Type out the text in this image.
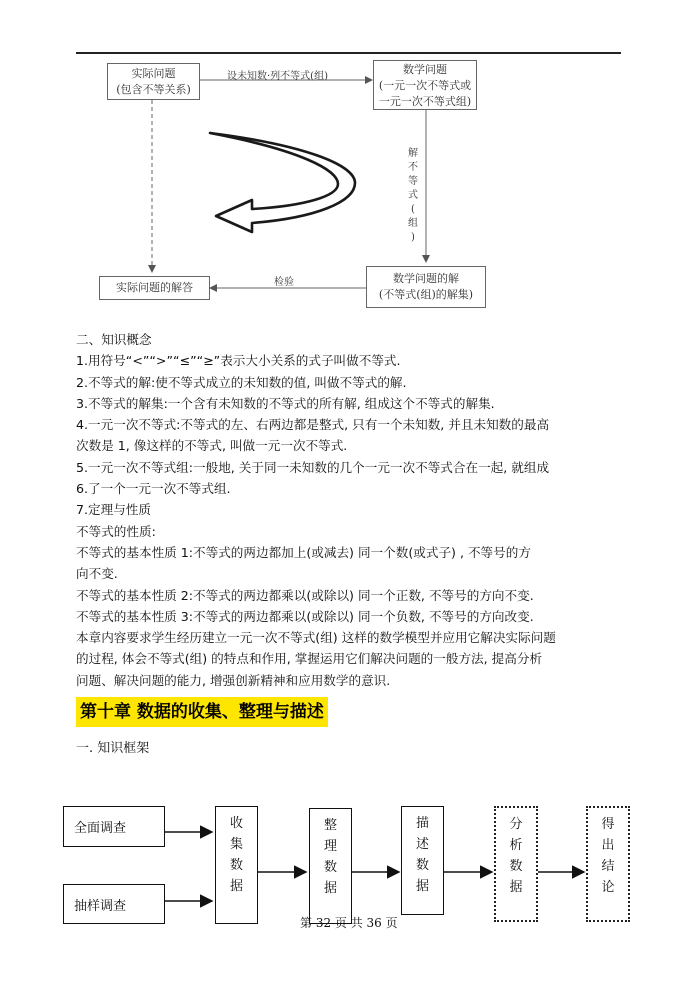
实际问题
(包含不等关系)
数学问题
(一元一次不等式或
一元一次不等式组)
数学问题的解
(不等式(组)的解集)
实际问题的解答
设未知数·列不等式(组)
检验
解 不 等 式 ( 组 )

二、知识概念

1.用符号“<”“>”“≤”“≥”表示大小关系的式子叫做不等式.

2.不等式的解:使不等式成立的未知数的值, 叫做不等式的解.

3.不等式的解集:一个含有未知数的不等式的所有解, 组成这个不等式的解集.

4.一元一次不等式:不等式的左、右两边都是整式, 只有一个未知数, 并且未知数的最高

次数是 1, 像这样的不等式, 叫做一元一次不等式.

5.一元一次不等式组:一般地, 关于同一未知数的几个一元一次不等式合在一起, 就组成

6.了一个一元一次不等式组.

7.定理与性质

不等式的性质:

不等式的基本性质 1:不等式的两边都加上(或减去) 同一个数(或式子) , 不等号的方

向不变.

不等式的基本性质 2:不等式的两边都乘以(或除以) 同一个正数, 不等号的方向不变.

不等式的基本性质 3:不等式的两边都乘以(或除以) 同一个负数, 不等号的方向改变.

本章内容要求学生经历建立一元一次不等式(组) 这样的数学模型并应用它解决实际问题

的过程, 体会不等式(组) 的特点和作用, 掌握运用它们解决问题的一般方法, 提高分析

问题、解决问题的能力, 增强创新精神和应用数学的意识.

第十章 数据的收集、整理与描述
一. 知识框架
全面调查
抽样调查
收
集
数
据
整
理
数
据
描
述
数
据
分
析
数
据
得
出
结
论
第 32 页 共 36 页
